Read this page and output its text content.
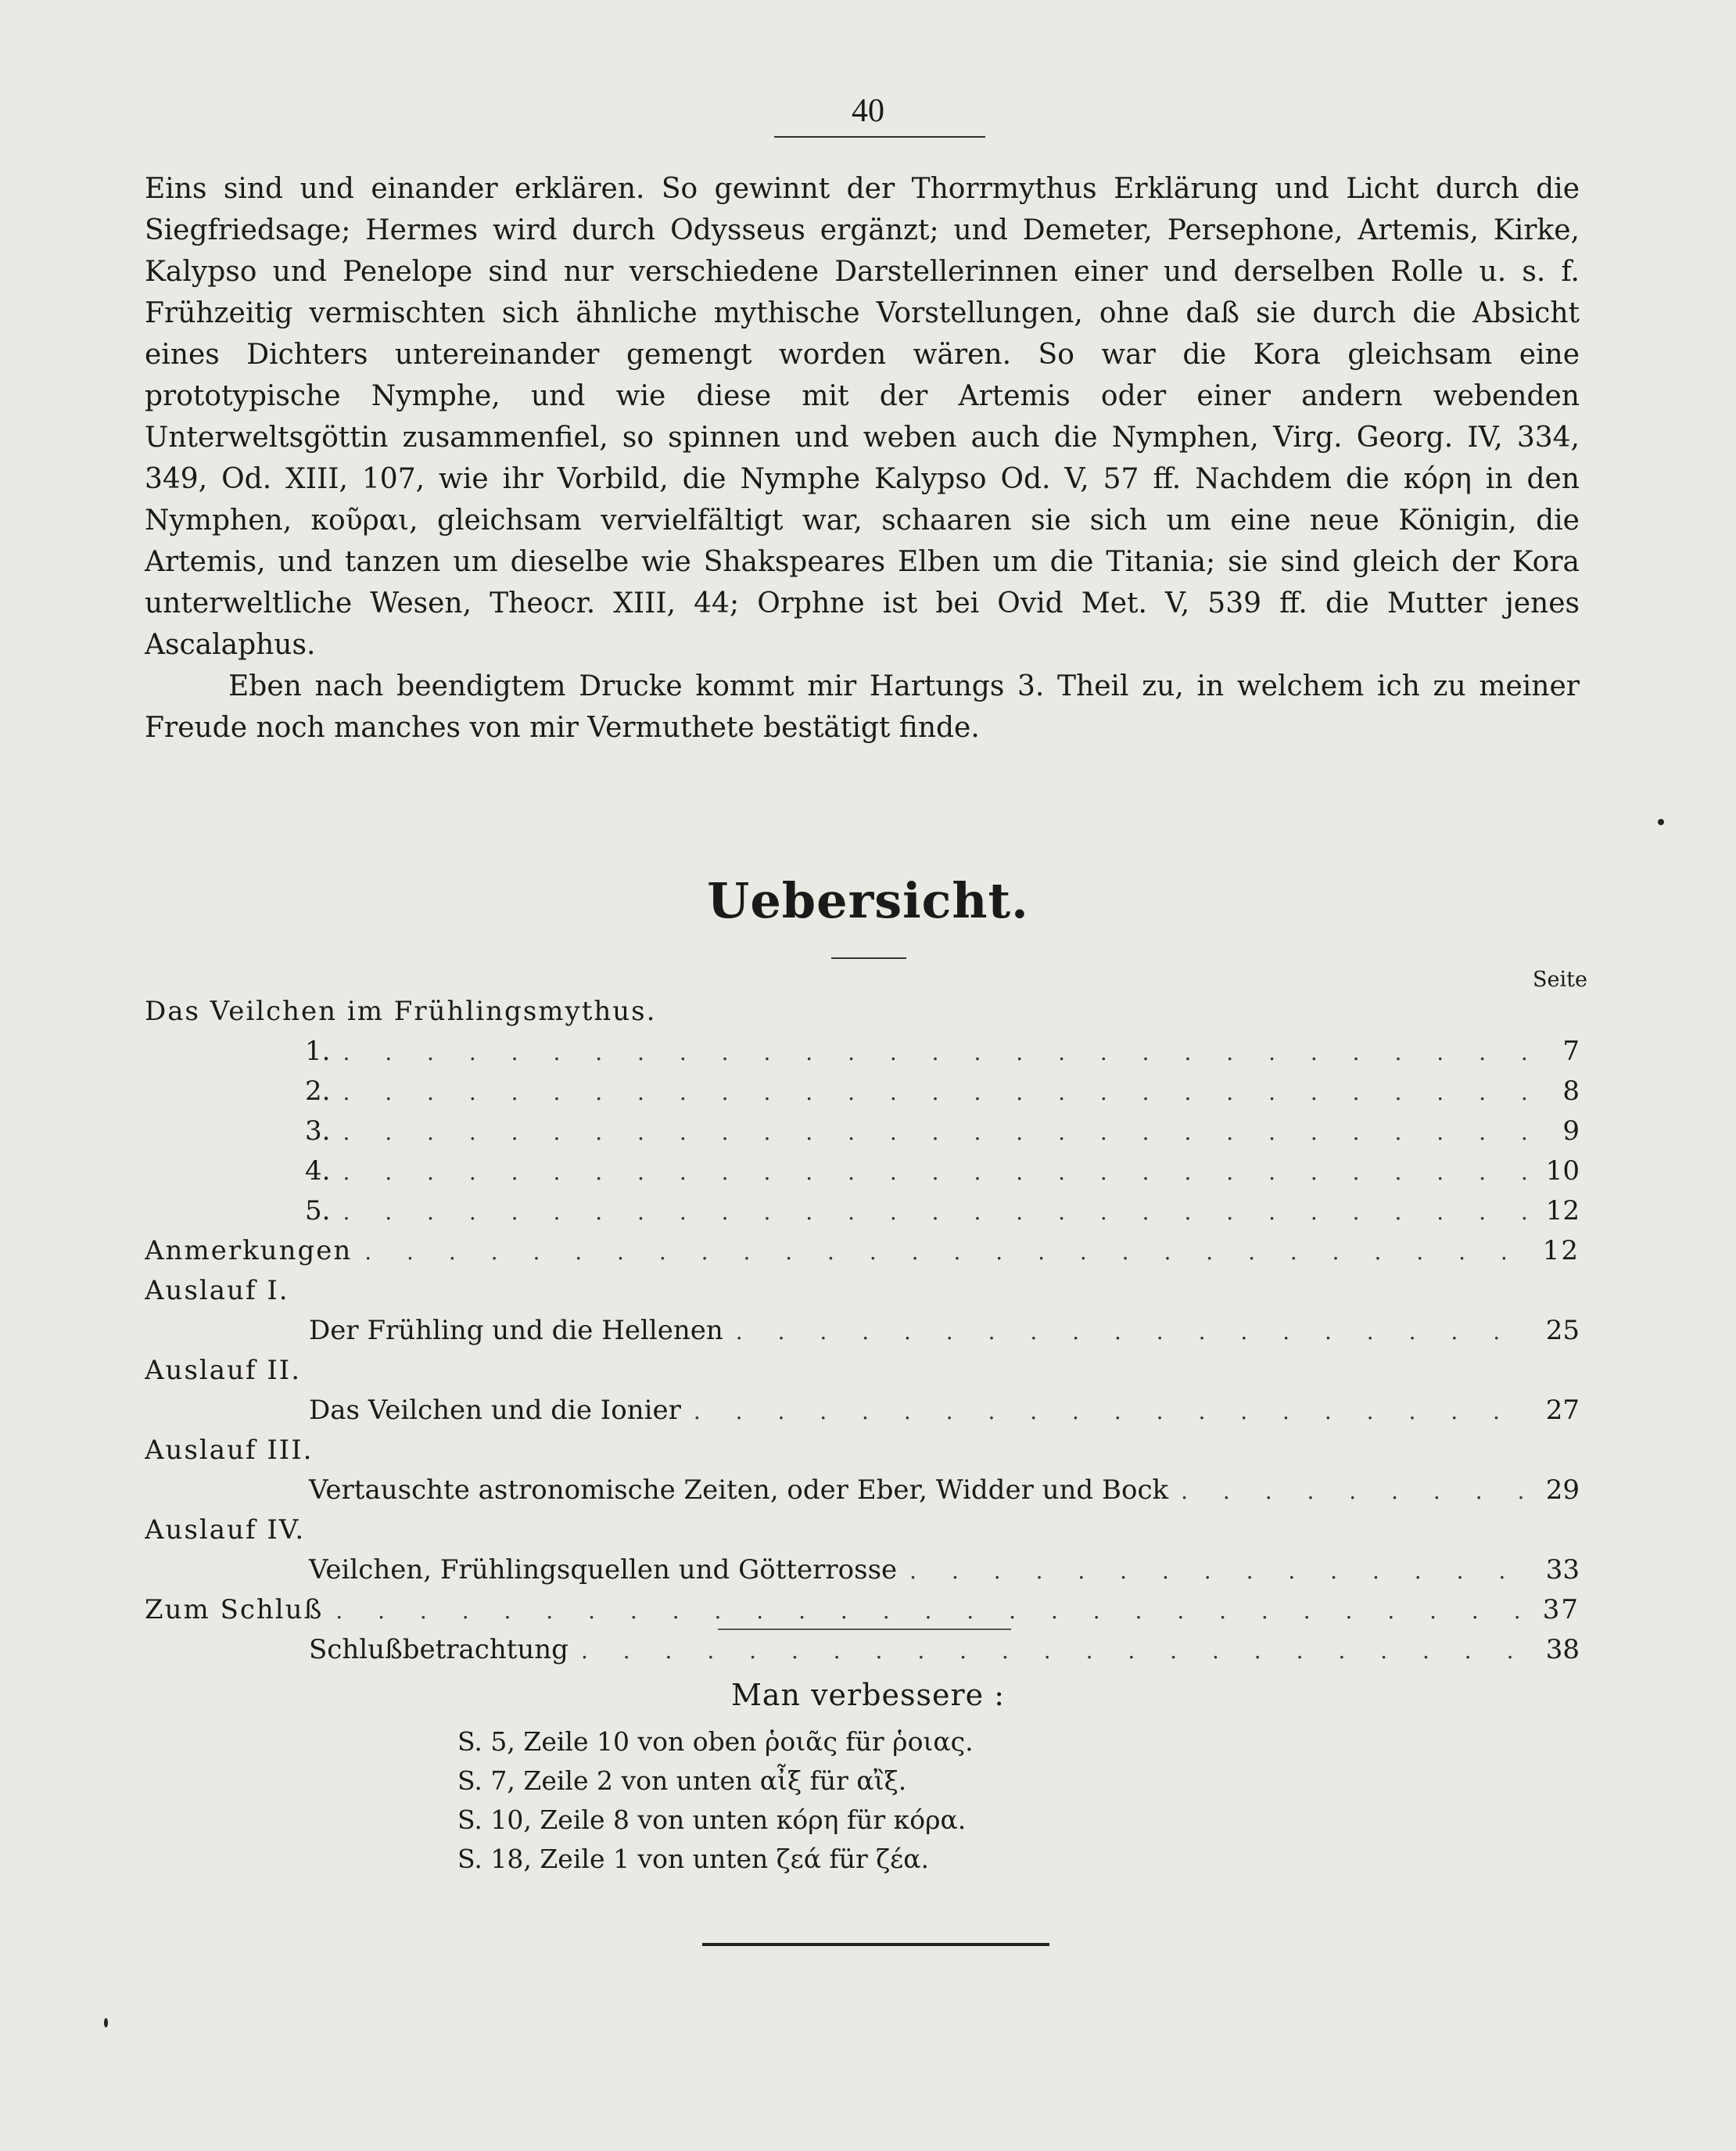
40

Eins sind und einander erklären. So gewinnt der Thorrmythus Erklärung und Licht durch die Siegfriedsage; Hermes wird durch Odysseus ergänzt; und Demeter, Persephone, Artemis, Kirke, Kalypso und Penelope sind nur verschiedene Darstellerinnen einer und derselben Rolle u. s. f. Frühzeitig vermischten sich ähnliche mythische Vorstellungen, ohne daß sie durch die Absicht eines Dichters untereinander gemengt worden wären. So war die Kora gleichsam eine prototypische Nymphe, und wie diese mit der Artemis oder einer andern webenden Unterweltsgöttin zusammenfiel, so spinnen und weben auch die Nymphen, Virg. Georg. IV, 334, 349, Od. XIII, 107, wie ihr Vorbild, die Nymphe Kalypso Od. V, 57 ff. Nachdem die κόρη in den Nymphen, κοῦραι, gleichsam vervielfältigt war, schaaren sie sich um eine neue Königin, die Artemis, und tanzen um dieselbe wie Shakspeares Elben um die Titania; sie sind gleich der Kora unterweltliche Wesen, Theocr. XIII, 44; Orphne ist bei Ovid Met. V, 539 ff. die Mutter jenes Ascalaphus.

Eben nach beendigtem Drucke kommt mir Hartungs 3. Theil zu, in welchem ich zu meiner Freude noch manches von mir Vermuthete bestätigt finde.

Uebersicht.
Seite
Das Veilchen im Frühlingsmythus.
1. . . .	7
2. . . .	8
3. . . .	9
4. . . .	10
5. . . .	12
Anmerkungen . . .	12
Auslauf I.
Der Frühling und die Hellenen . . .	25
Auslauf II.
Das Veilchen und die Ionier . . .	27
Auslauf III.
Vertauschte astronomische Zeiten, oder Eber, Widder und Bock . . .	29
Auslauf IV.
Veilchen, Frühlingsquellen und Götterrosse . . .	33
Zum Schluß . . .	37
Schlußbetrachtung . . .	38
Man verbessere :
S. 5, Zeile 10 von oben ῥοιᾶς für ῥοιας.
S. 7, Zeile 2 von unten αἶξ für αἲξ.
S. 10, Zeile 8 von unten κόρη für κόρα.
S. 18, Zeile 1 von unten ζεά für ζέα.
